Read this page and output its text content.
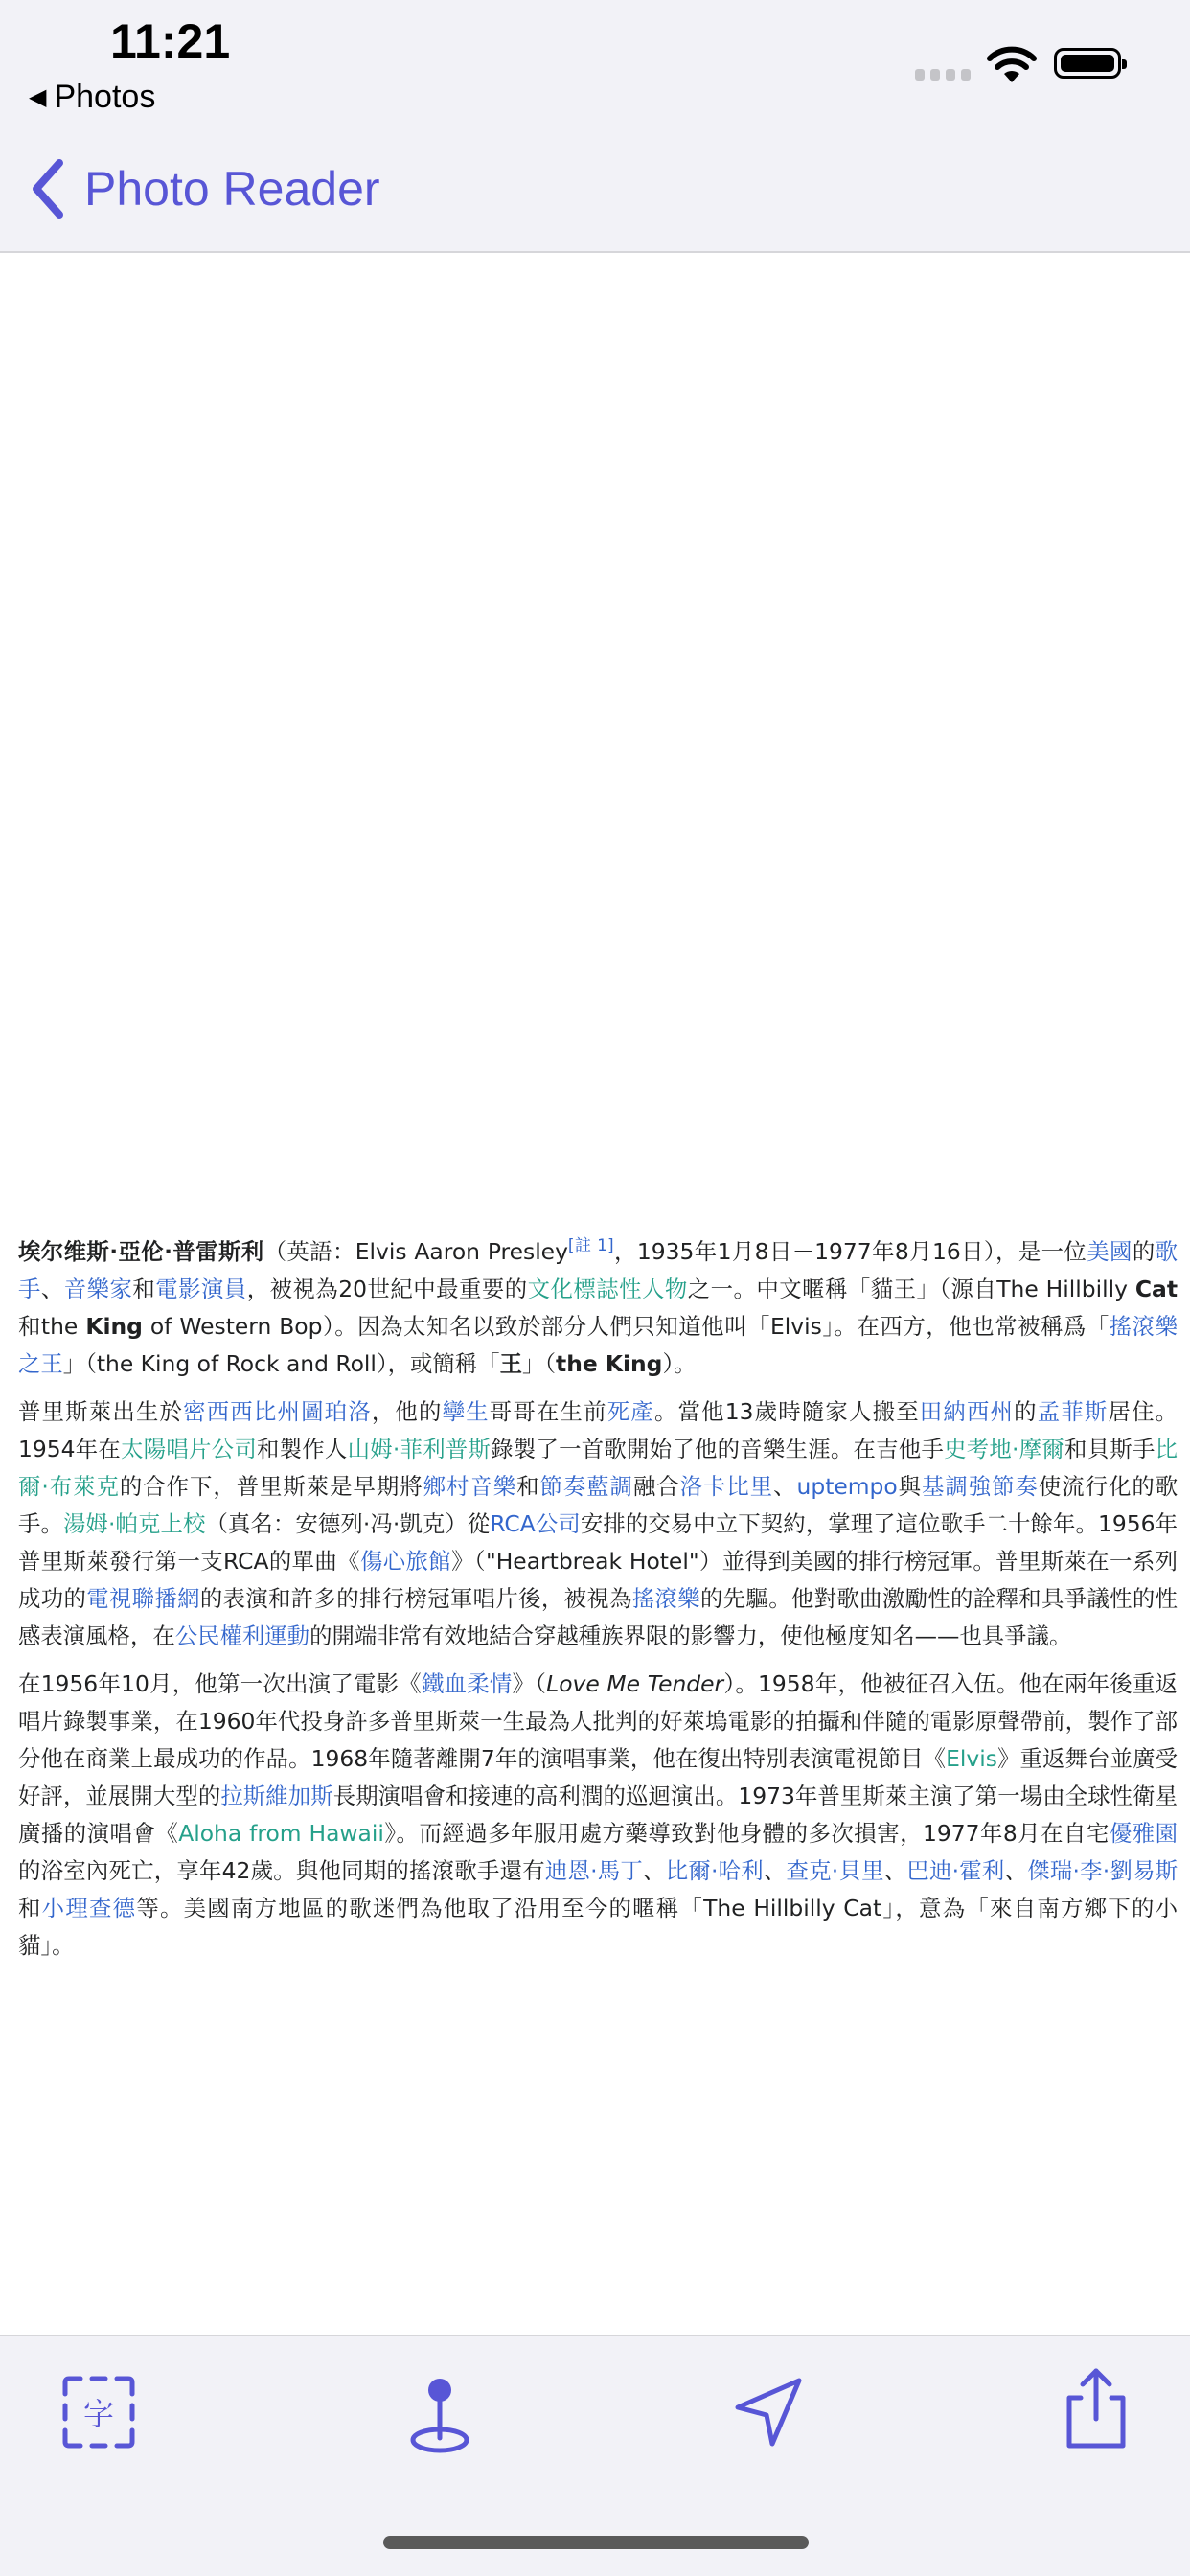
11:21
◀ Photos
Photo Reader

埃尔维斯·亞伦·普雷斯利（英語：Elvis Aaron Presley[註 1]，1935年1月8日－1977年8月16日），是一位美國的歌手、音樂家和電影演員，被視為20世紀中最重要的文化標誌性人物之一。中文暱稱「貓王」（源自The Hillbilly Cat和the King of Western Bop）。因為太知名以致於部分人們只知道他叫「Elvis」。在西方，他也常被稱爲「搖滾樂之王」（the King of Rock and Roll），或簡稱「王」（the King）。

普里斯萊出生於密西西比州圖珀洛，他的孿生哥哥在生前死產。當他13歲時隨家人搬至田納西州的孟菲斯居住。1954年在太陽唱片公司和製作人山姆·菲利普斯錄製了一首歌開始了他的音樂生涯。在吉他手史考地·摩爾和貝斯手比爾·布萊克的合作下，普里斯萊是早期將鄉村音樂和節奏藍調融合洛卡比里、uptempo與基調強節奏使流行化的歌手。湯姆·帕克上校（真名：安德列·冯·凱克）從RCA公司安排的交易中立下契約，掌理了這位歌手二十餘年。1956年普里斯萊發行第一支RCA的單曲《傷心旅館》（"Heartbreak Hotel"）並得到美國的排行榜冠軍。普里斯萊在一系列成功的電視聯播網的表演和許多的排行榜冠軍唱片後，被視為搖滾樂的先驅。他對歌曲激勵性的詮釋和具爭議性的性感表演風格，在公民權利運動的開端非常有效地結合穿越種族界限的影響力，使他極度知名——也具爭議。

在1956年10月，他第一次出演了電影《鐵血柔情》（Love Me Tender）。1958年，他被征召入伍。他在兩年後重返唱片錄製事業，在1960年代投身許多普里斯萊一生最為人批判的好萊塢電影的拍攝和伴隨的電影原聲帶前，製作了部分他在商業上最成功的作品。1968年隨著離開7年的演唱事業，他在復出特別表演電視節目《Elvis》重返舞台並廣受好評，並展開大型的拉斯維加斯長期演唱會和接連的高利潤的巡迴演出。1973年普里斯萊主演了第一場由全球性衛星廣播的演唱會《Aloha from Hawaii》。而經過多年服用處方藥導致對他身體的多次損害，1977年8月在自宅優雅園的浴室內死亡，享年42歲。與他同期的搖滾歌手還有迪恩·馬丁、比爾·哈利、查克·貝里、巴迪·霍利、傑瑞·李·劉易斯和小理查德等。美國南方地區的歌迷們為他取了沿用至今的暱稱「The Hillbilly Cat」，意為「來自南方鄉下的小貓」。

字
